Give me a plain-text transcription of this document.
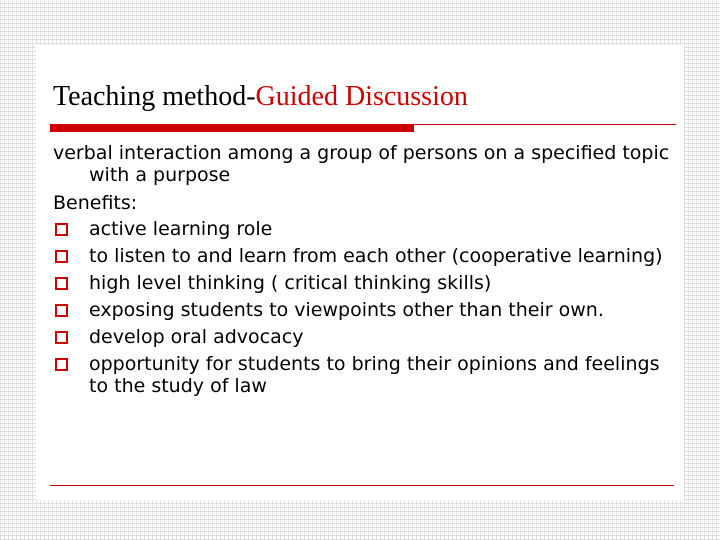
Teaching method-Guided Discussion

verbal interaction among a group of persons on a specified topic with a purpose

Benefits:

active learning role
to listen to and learn from each other (cooperative learning)
high level thinking ( critical thinking skills)
exposing students to viewpoints other than their own.
develop oral advocacy
opportunity for students to bring their opinions and feelings to the study of law
